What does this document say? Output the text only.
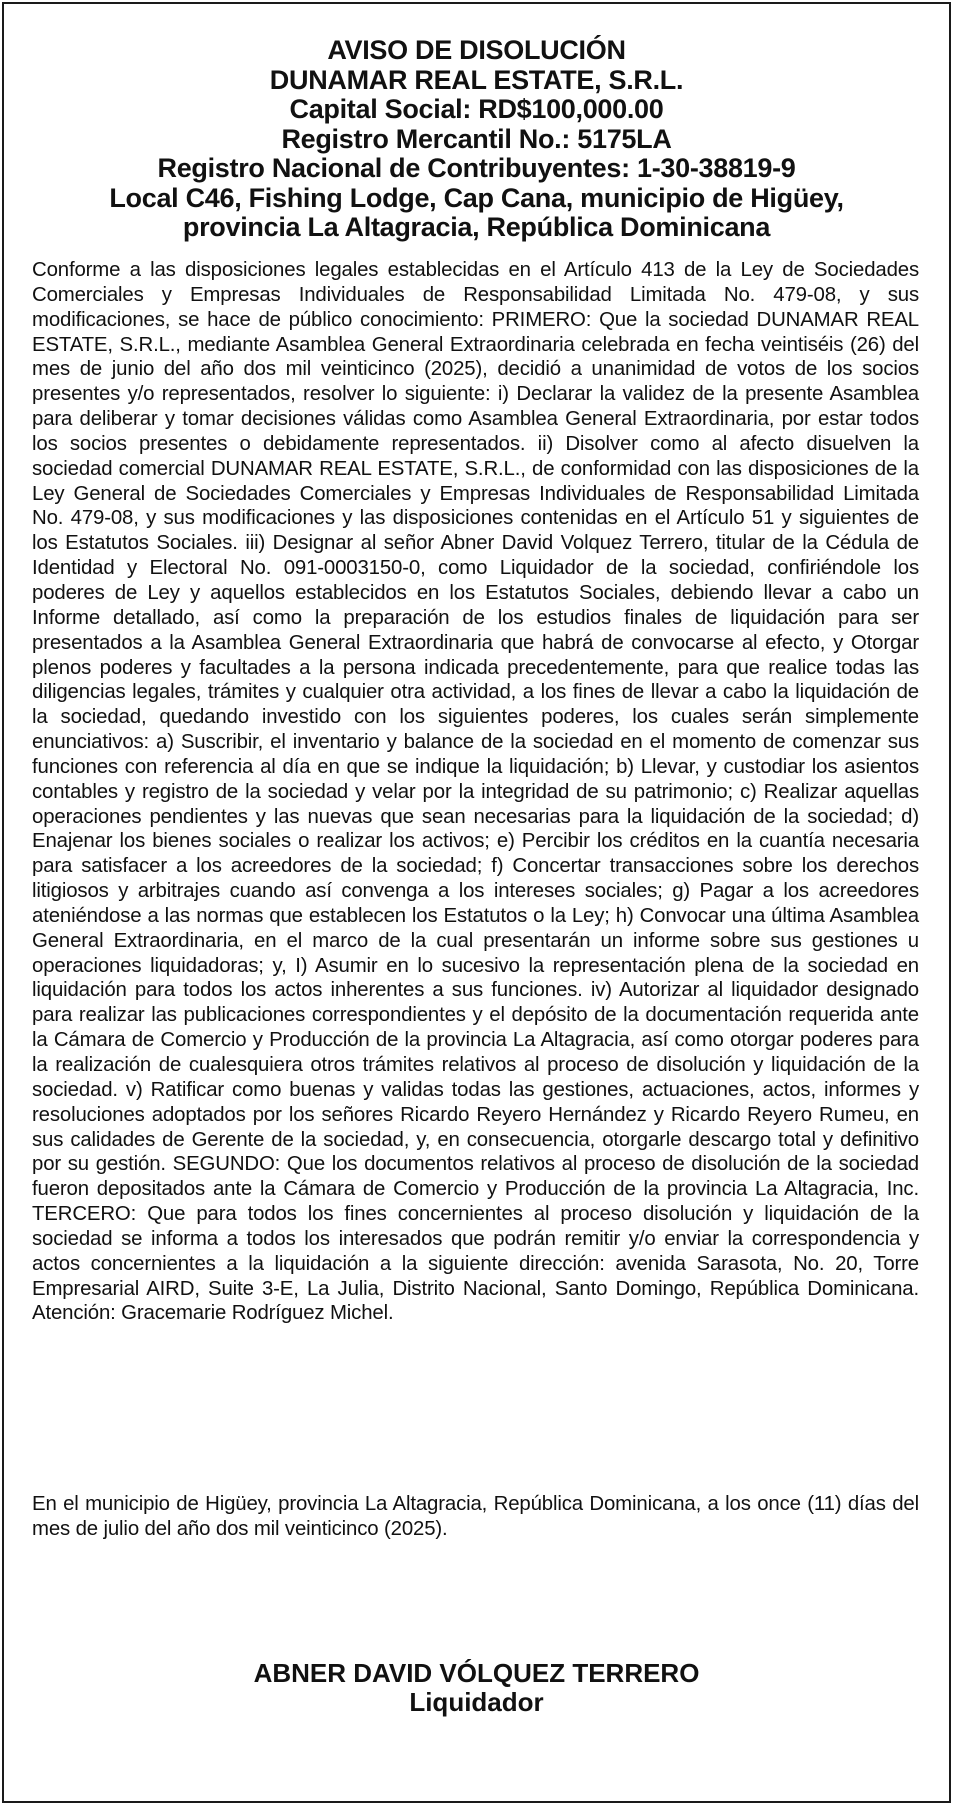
AVISO DE DISOLUCIÓN
DUNAMAR REAL ESTATE, S.R.L.
Capital Social: RD$100,000.00
Registro Mercantil No.: 5175LA
Registro Nacional de Contribuyentes: 1-30-38819-9
Local C46, Fishing Lodge, Cap Cana, municipio de Higüey,
provincia La Altagracia, República Dominicana
Conforme a las disposiciones legales establecidas en el Artículo 413 de la Ley de Sociedades Comerciales y Empresas Individuales de Responsabilidad Limitada No. 479-08, y sus modificaciones, se hace de público conocimiento: PRIMERO: Que la sociedad DUNAMAR REAL ESTATE, S.R.L., mediante Asamblea General Extraordinaria celebrada en fecha veintiséis (26) del mes de junio del año dos mil veinticinco (2025), decidió a unanimidad de votos de los socios presentes y/o representados, resolver lo siguiente: i) Declarar la validez de la presente Asamblea para deliberar y tomar decisiones válidas como Asamblea General Extraordinaria, por estar todos los socios presentes o debidamente representados. ii) Disolver como al afecto disuelven la sociedad comercial DUNAMAR REAL ESTATE, S.R.L., de conformidad con las disposiciones de la Ley General de Sociedades Comerciales y Empresas Individuales de Responsabilidad Limitada No. 479-08, y sus modificaciones y las disposiciones contenidas en el Artículo 51 y siguientes de los Estatutos Sociales. iii) Designar al señor Abner David Volquez Terrero, titular de la Cédula de Identidad y Electoral No. 091-0003150-0, como Liquidador de la sociedad, confiriéndole los poderes de Ley y aquellos establecidos en los Estatutos Sociales, debiendo llevar a cabo un Informe detallado, así como la preparación de los estudios finales de liquidación para ser presentados a la Asamblea General Extraordinaria que habrá de convocarse al efecto, y Otorgar plenos poderes y facultades a la persona indicada precedentemente, para que realice todas las diligencias legales, trámites y cualquier otra actividad, a los fines de llevar a cabo la liquidación de la sociedad, quedando investido con los siguientes poderes, los cuales serán simplemente enunciativos: a) Suscribir, el inventario y balance de la sociedad en el momento de comenzar sus funciones con referencia al día en que se indique la liquidación; b) Llevar, y custodiar los asientos contables y registro de la sociedad y velar por la integridad de su patrimonio; c) Realizar aquellas operaciones pendientes y las nuevas que sean necesarias para la liquidación de la sociedad; d) Enajenar los bienes sociales o realizar los activos; e) Percibir los créditos en la cuantía necesaria para satisfacer a los acreedores de la sociedad; f) Concertar transacciones sobre los derechos litigiosos y arbitrajes cuando así convenga a los intereses sociales; g) Pagar a los acreedores ateniéndose a las normas que establecen los Estatutos o la Ley; h) Convocar una última Asamblea General Extraordinaria, en el marco de la cual presentarán un informe sobre sus gestiones u operaciones liquidadoras; y, I) Asumir en lo sucesivo la representación plena de la sociedad en liquidación para todos los actos inherentes a sus funciones. iv) Autorizar al liquidador designado para realizar las publicaciones correspondientes y el depósito de la documentación requerida ante la Cámara de Comercio y Producción de la provincia La Altagracia, así como otorgar poderes para la realización de cualesquiera otros trámites relativos al proceso de disolución y liquidación de la sociedad. v) Ratificar como buenas y validas todas las gestiones, actuaciones, actos, informes y resoluciones adoptados por los señores Ricardo Reyero Hernández y Ricardo Reyero Rumeu, en sus calidades de Gerente de la sociedad, y, en consecuencia, otorgarle descargo total y definitivo por su gestión. SEGUNDO: Que los documentos relativos al proceso de disolución de la sociedad fueron depositados ante la Cámara de Comercio y Producción de la provincia La Altagracia, Inc. TERCERO: Que para todos los fines concernientes al proceso disolución y liquidación de la sociedad se informa a todos los interesados que podrán remitir y/o enviar la correspondencia y actos concernientes a la liquidación a la siguiente dirección: avenida Sarasota, No. 20, Torre Empresarial AIRD, Suite 3-E, La Julia, Distrito Nacional, Santo Domingo, República Dominicana. Atención: Gracemarie Rodríguez Michel.
En el municipio de Higüey, provincia La Altagracia, República Dominicana, a los once (11) días del mes de julio del año dos mil veinticinco (2025).
ABNER DAVID VÓLQUEZ TERRERO
Liquidador
